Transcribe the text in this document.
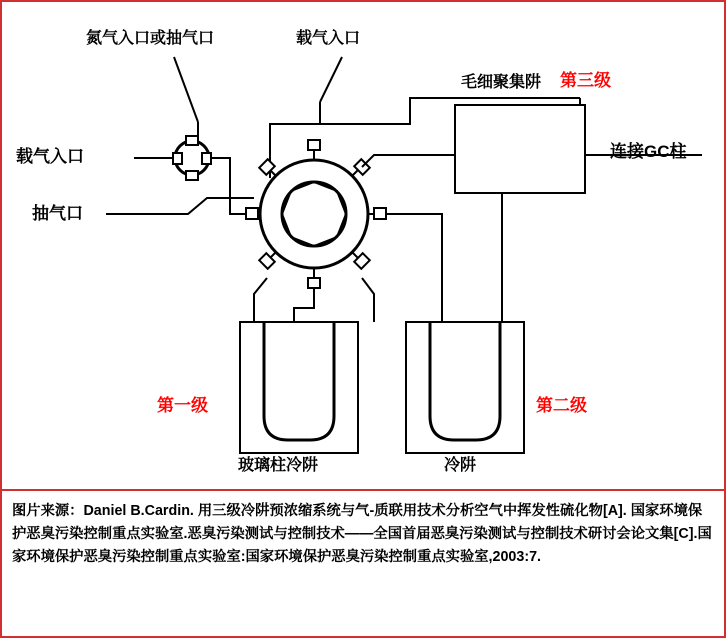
氮气入口或抽气口	载气入口
载气入口
抽气口
毛细聚集阱 第三级
连接GC柱
第一级	第二级
玻璃柱冷阱	冷阱
图片来源：Daniel B.Cardin. 用三级冷阱预浓缩系统与气-质联用技术分析空气中挥发性硫化物[A]. 国家环境保护恶臭污染控制重点实验室.恶臭污染测试与控制技术——全国首届恶臭污染测试与控制技术研讨会论文集[C].国家环境保护恶臭污染控制重点实验室:国家环境保护恶臭污染控制重点实验室,2003:7.
